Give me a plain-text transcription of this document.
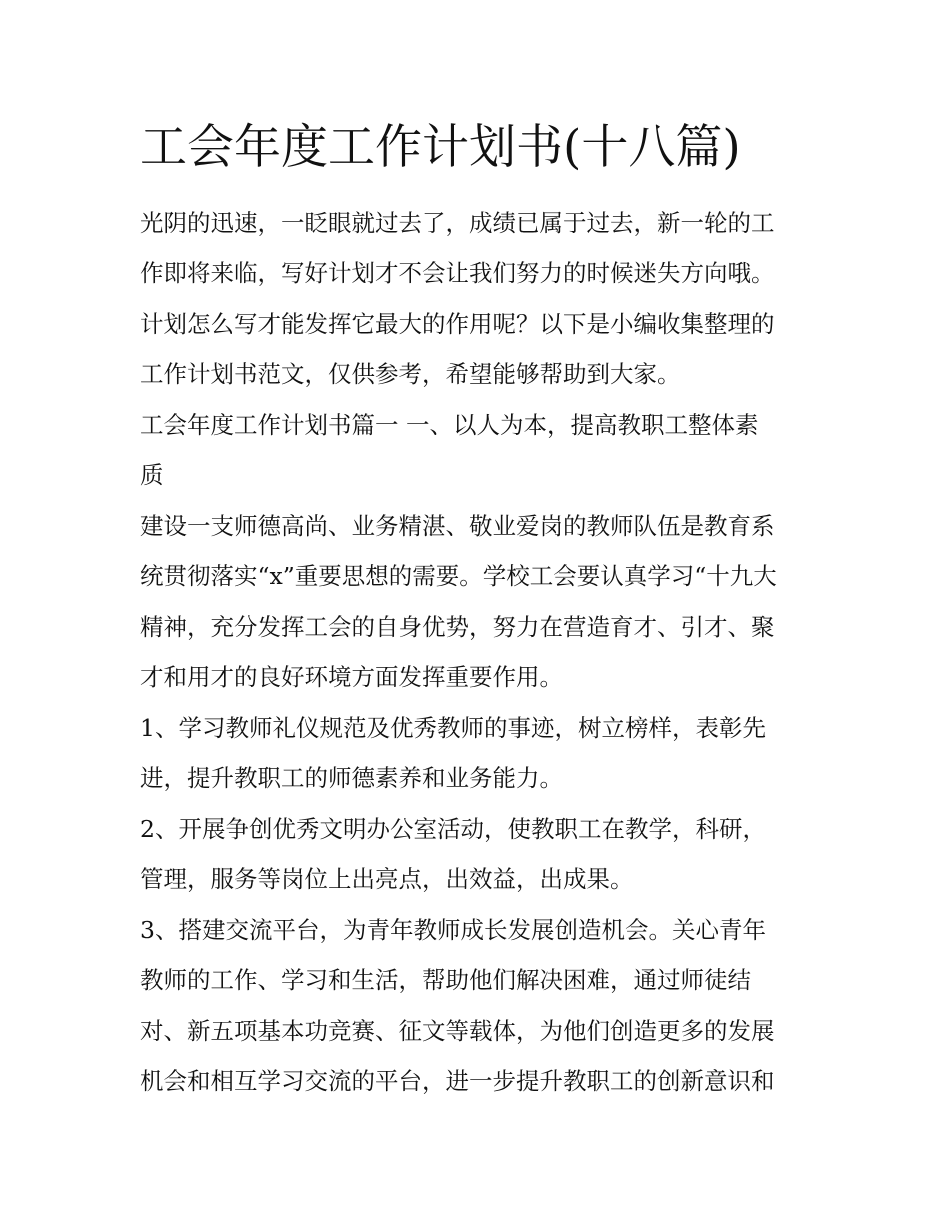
工会年度工作计划书(十八篇)

光阴的迅速，一眨眼就过去了，成绩已属于过去，新一轮的工

作即将来临，写好计划才不会让我们努力的时候迷失方向哦。

计划怎么写才能发挥它最大的作用呢？以下是小编收集整理的

工作计划书范文，仅供参考，希望能够帮助到大家。

工会年度工作计划书篇一 一、以人为本，提高教职工整体素

质

建设一支师德高尚、业务精湛、敬业爱岗的教师队伍是教育系

统贯彻落实“x”重要思想的需要。学校工会要认真学习“十九大

精神，充分发挥工会的自身优势，努力在营造育才、引才、聚

才和用才的良好环境方面发挥重要作用。

1、学习教师礼仪规范及优秀教师的事迹，树立榜样，表彰先

进，提升教职工的师德素养和业务能力。

2、开展争创优秀文明办公室活动，使教职工在教学，科研，

管理，服务等岗位上出亮点，出效益，出成果。

3、搭建交流平台，为青年教师成长发展创造机会。关心青年

教师的工作、学习和生活，帮助他们解决困难，通过师徒结

对、新五项基本功竞赛、征文等载体，为他们创造更多的发展

机会和相互学习交流的平台，进一步提升教职工的创新意识和
